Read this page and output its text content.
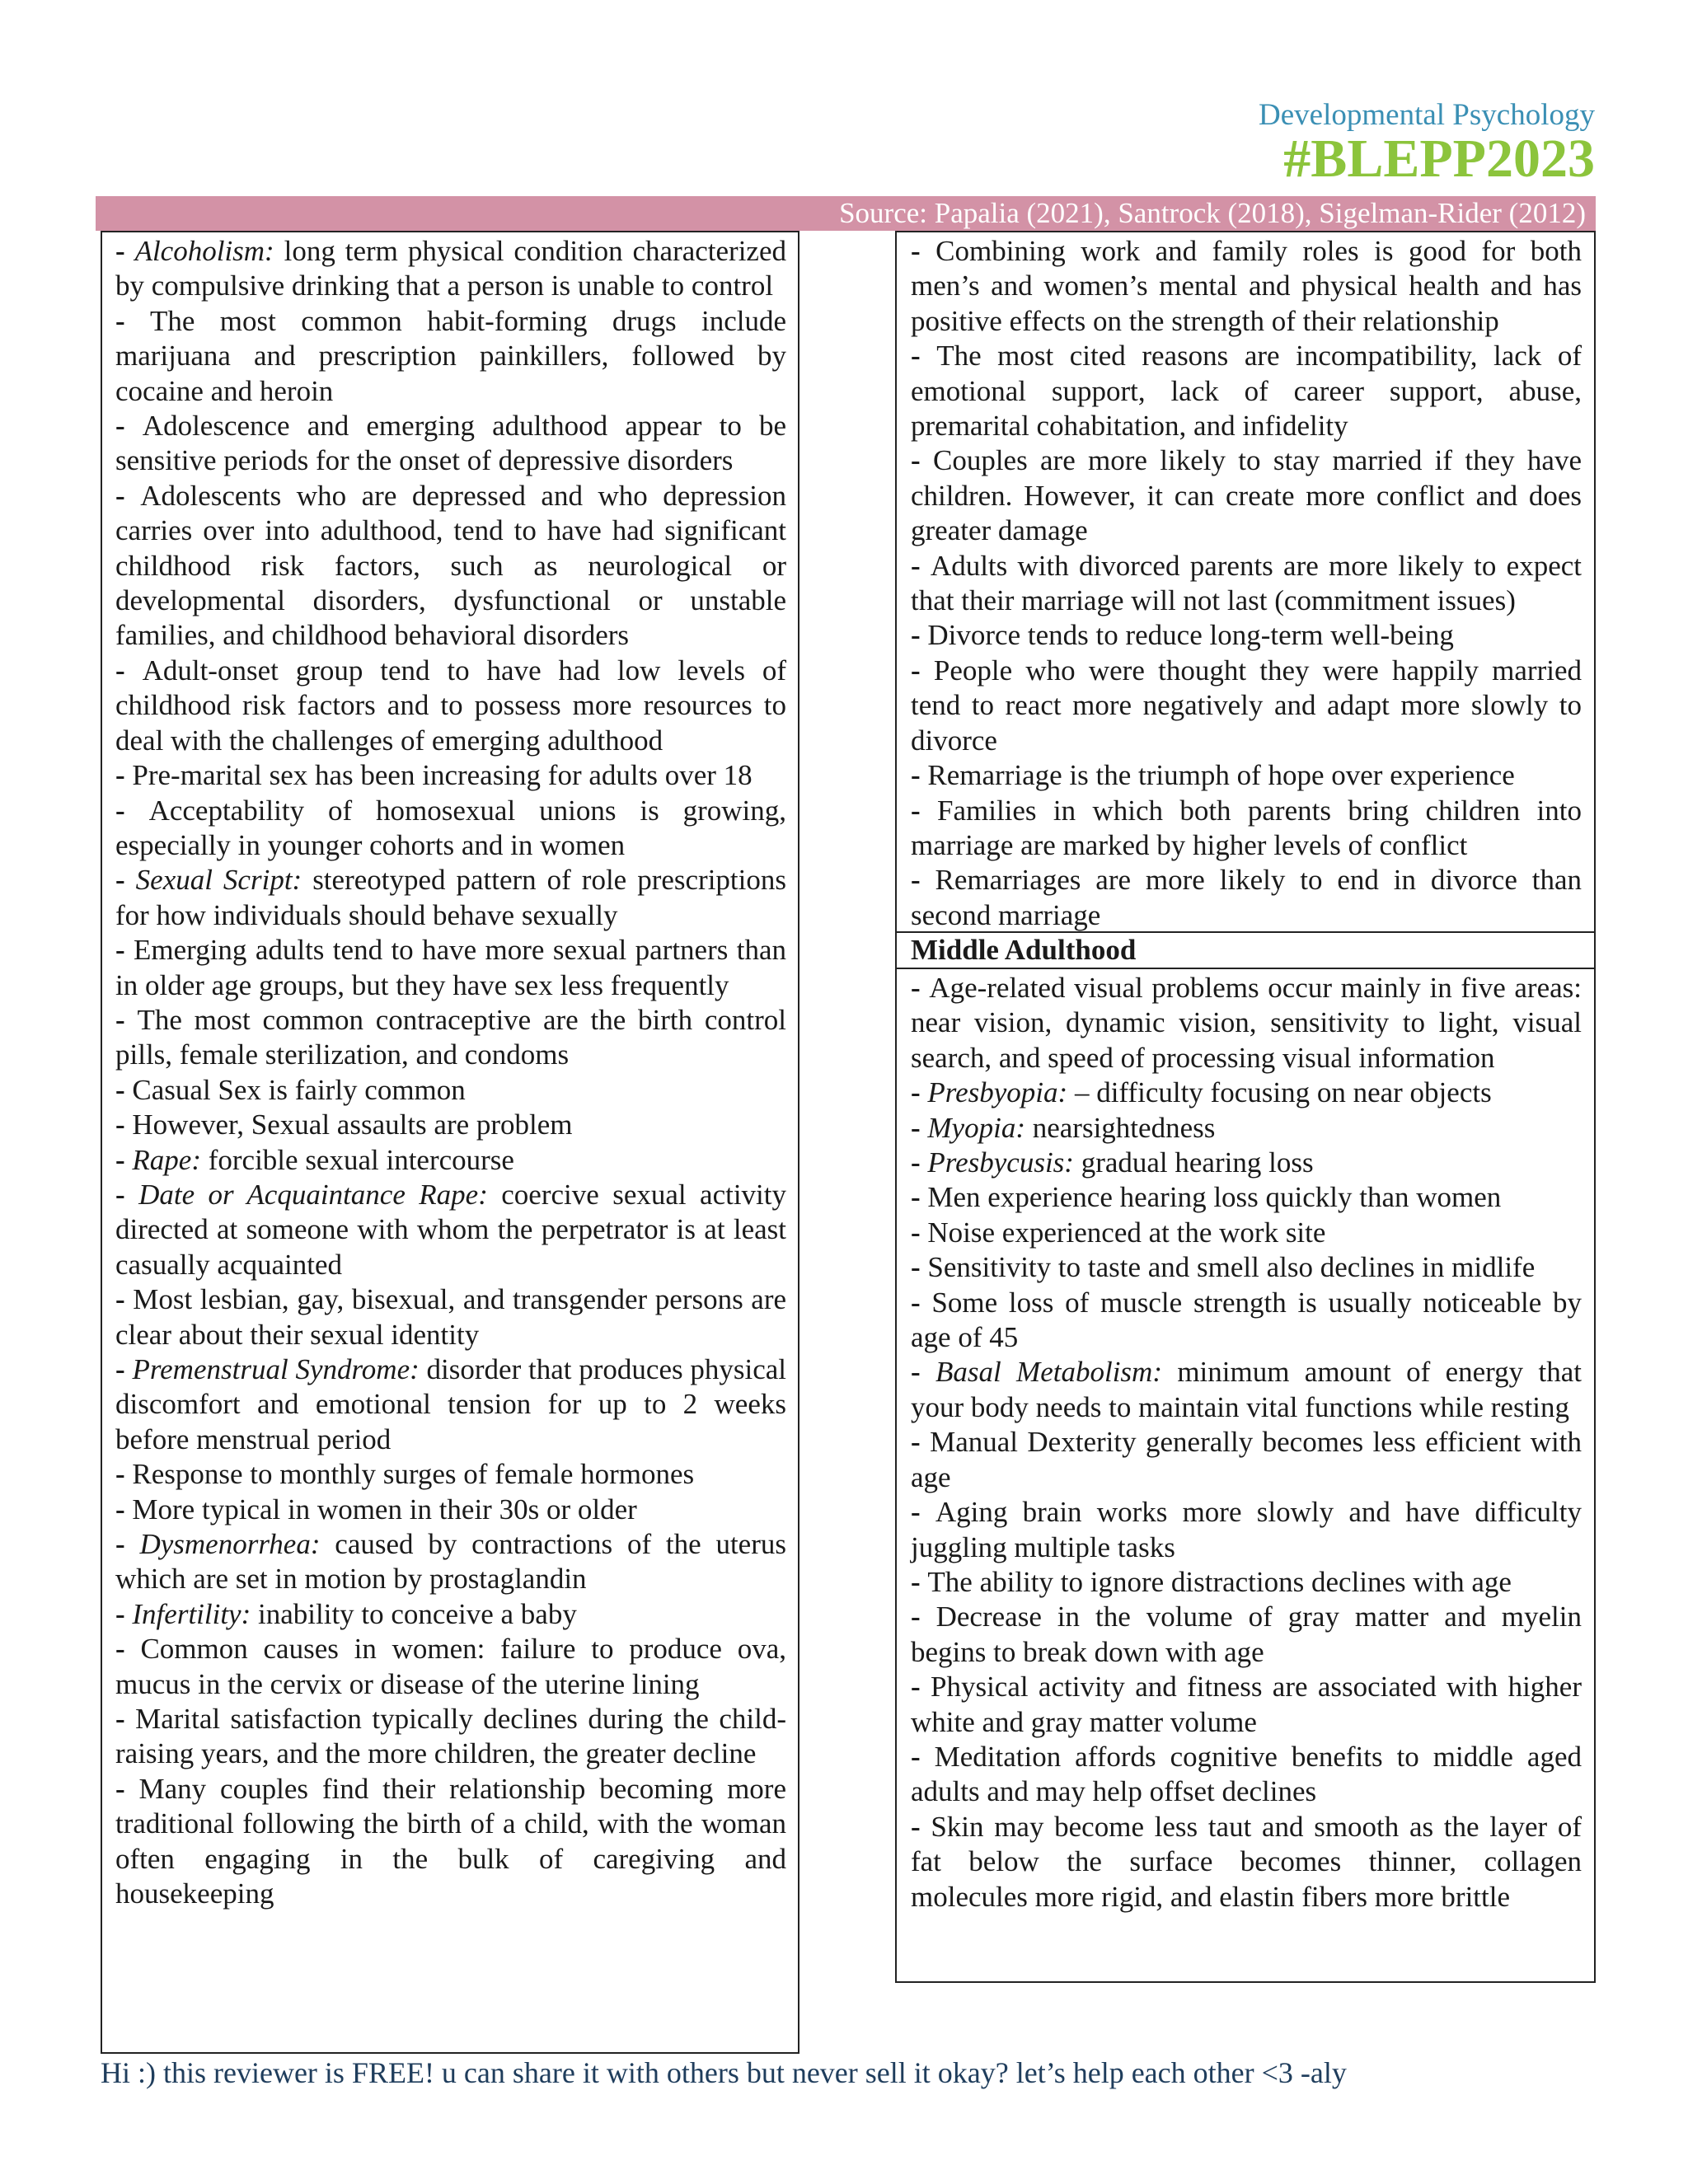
Developmental Psychology
#BLEPP2023
Source: Papalia (2021), Santrock (2018), Sigelman-Rider (2012)

- Alcoholism: long term physical condition characterized by compulsive drinking that a person is unable to control

- The most common habit-forming drugs include marijuana and prescription painkillers, followed by cocaine and heroin

- Adolescence and emerging adulthood appear to be sensitive periods for the onset of depressive disorders

- Adolescents who are depressed and who depression carries over into adulthood, tend to have had significant childhood risk factors, such as neurological or developmental disorders, dysfunctional or unstable families, and childhood behavioral disorders

- Adult-onset group tend to have had low levels of childhood risk factors and to possess more resources to deal with the challenges of emerging adulthood

- Pre-marital sex has been increasing for adults over 18

- Acceptability of homosexual unions is growing, especially in younger cohorts and in women

- Sexual Script: stereotyped pattern of role prescriptions for how individuals should behave sexually

- Emerging adults tend to have more sexual partners than in older age groups, but they have sex less frequently

- The most common contraceptive are the birth control pills, female sterilization, and condoms

- Casual Sex is fairly common

- However, Sexual assaults are problem

- Rape: forcible sexual intercourse

- Date or Acquaintance Rape: coercive sexual activity directed at someone with whom the perpetrator is at least casually acquainted

- Most lesbian, gay, bisexual, and transgender persons are clear about their sexual identity

- Premenstrual Syndrome: disorder that produces physical discomfort and emotional tension for up to 2 weeks before menstrual period

- Response to monthly surges of female hormones

- More typical in women in their 30s or older

- Dysmenorrhea: caused by contractions of the uterus which are set in motion by prostaglandin

- Infertility: inability to conceive a baby

- Common causes in women: failure to produce ova, mucus in the cervix or disease of the uterine lining

- Marital satisfaction typically declines during the child-raising years, and the more children, the greater decline

- Many couples find their relationship becoming more traditional following the birth of a child, with the woman often engaging in the bulk of caregiving and housekeeping

- Combining work and family roles is good for both men’s and women’s mental and physical health and has positive effects on the strength of their relationship

- The most cited reasons are incompatibility, lack of emotional support, lack of career support, abuse, premarital cohabitation, and infidelity

- Couples are more likely to stay married if they have children. However, it can create more conflict and does greater damage

- Adults with divorced parents are more likely to expect that their marriage will not last (commitment issues)

- Divorce tends to reduce long-term well-being

- People who were thought they were happily married tend to react more negatively and adapt more slowly to divorce

- Remarriage is the triumph of hope over experience

- Families in which both parents bring children into marriage are marked by higher levels of conflict

- Remarriages are more likely to end in divorce than second marriage

Middle Adulthood

- Age-related visual problems occur mainly in five areas: near vision, dynamic vision, sensitivity to light, visual search, and speed of processing visual information

- Presbyopia: – difficulty focusing on near objects

- Myopia: nearsightedness

- Presbycusis: gradual hearing loss

- Men experience hearing loss quickly than women

- Noise experienced at the work site

- Sensitivity to taste and smell also declines in midlife

- Some loss of muscle strength is usually noticeable by age of 45

- Basal Metabolism: minimum amount of energy that your body needs to maintain vital functions while resting

- Manual Dexterity generally becomes less efficient with age

- Aging brain works more slowly and have difficulty juggling multiple tasks

- The ability to ignore distractions declines with age

- Decrease in the volume of gray matter and myelin begins to break down with age

- Physical activity and fitness are associated with higher white and gray matter volume

- Meditation affords cognitive benefits to middle aged adults and may help offset declines

- Skin may become less taut and smooth as the layer of fat below the surface becomes thinner, collagen molecules more rigid, and elastin fibers more brittle

Hi :) this reviewer is FREE! u can share it with others but never sell it okay? let’s help each other <3 -aly
